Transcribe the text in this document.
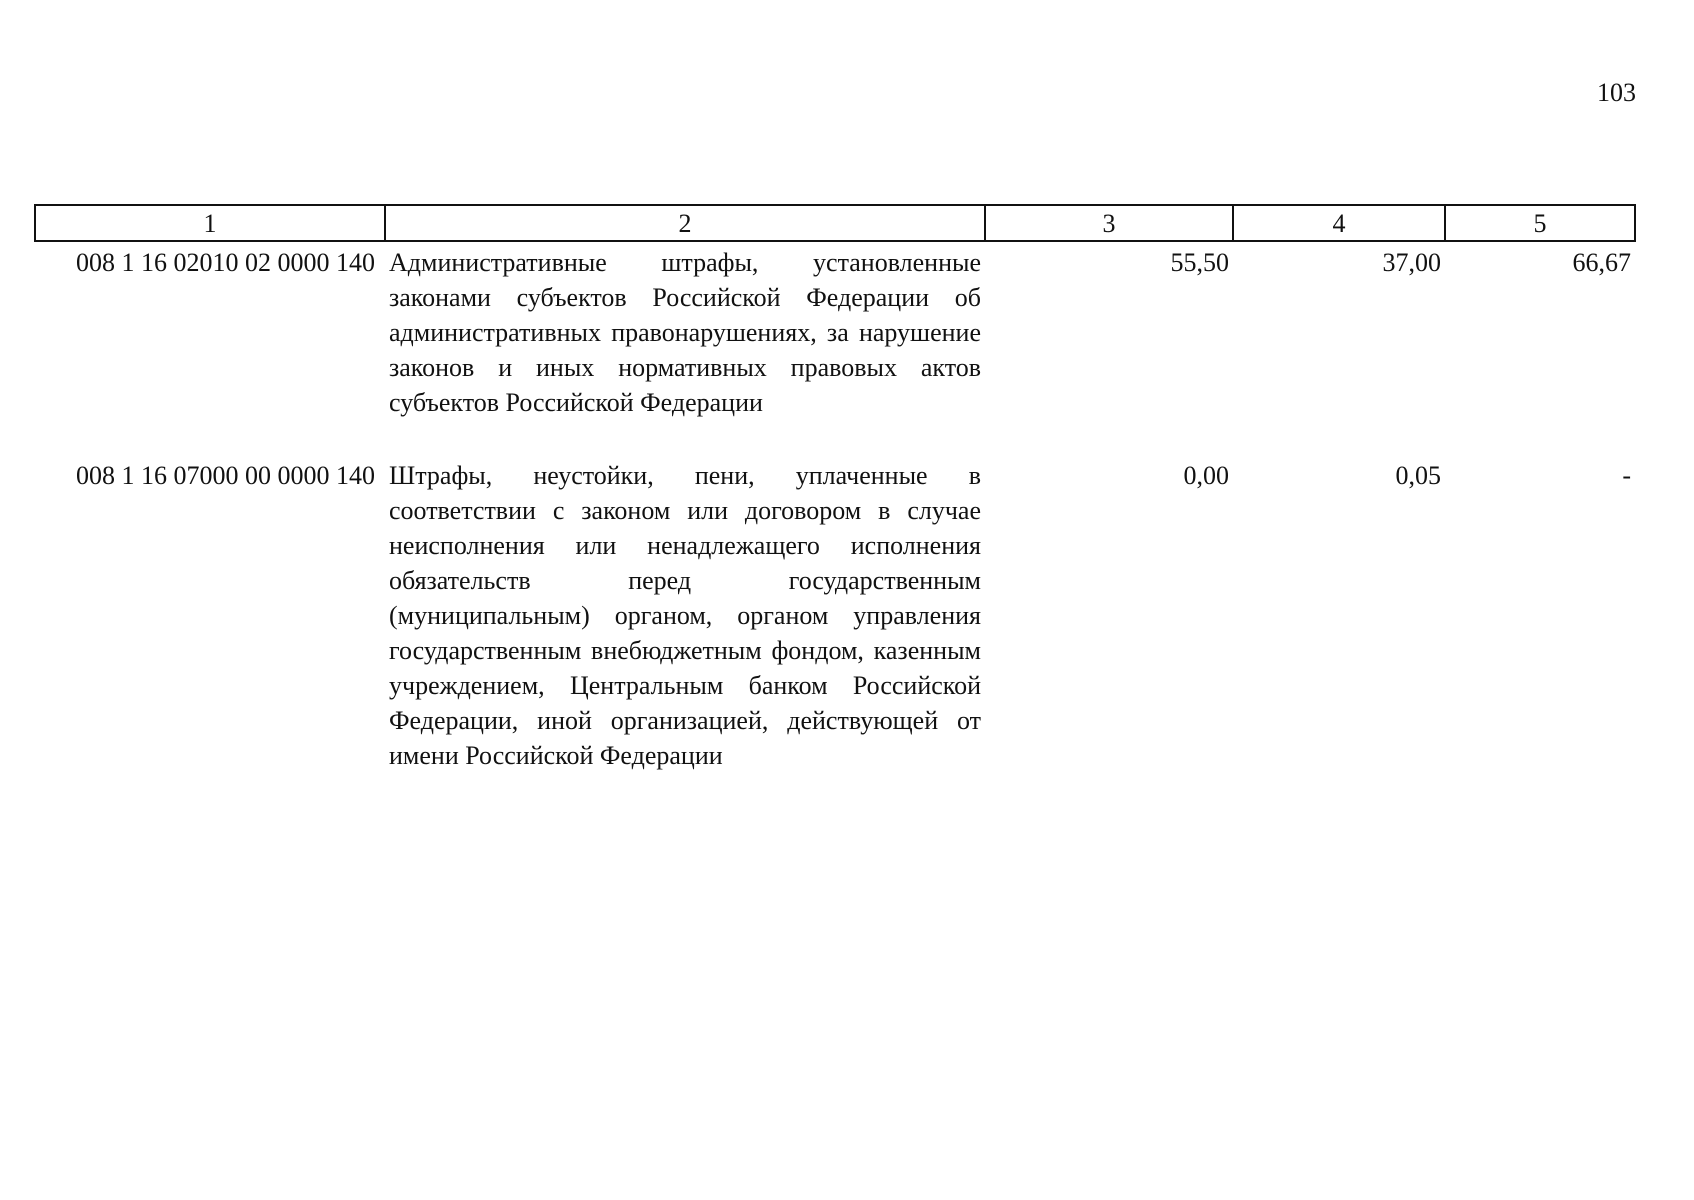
103
1	2	3	4	5
008 1 16 02010 02 0000 140	Административные штрафы, установленные законами субъектов Российской Федерации об административных правонарушениях, за нарушение законов и иных нормативных правовых актов субъектов Российской Федерации	55,50	37,00	66,67
008 1 16 07000 00 0000 140	Штрафы, неустойки, пени, уплаченные в соответствии с законом или договором в случае неисполнения или ненадлежащего исполнения обязательств перед государственным (муниципальным) органом, органом управления государственным внебюджетным фондом, казенным учреждением, Центральным банком Российской Федерации, иной организацией, действующей от имени Российской Федерации	0,00	0,05	-
